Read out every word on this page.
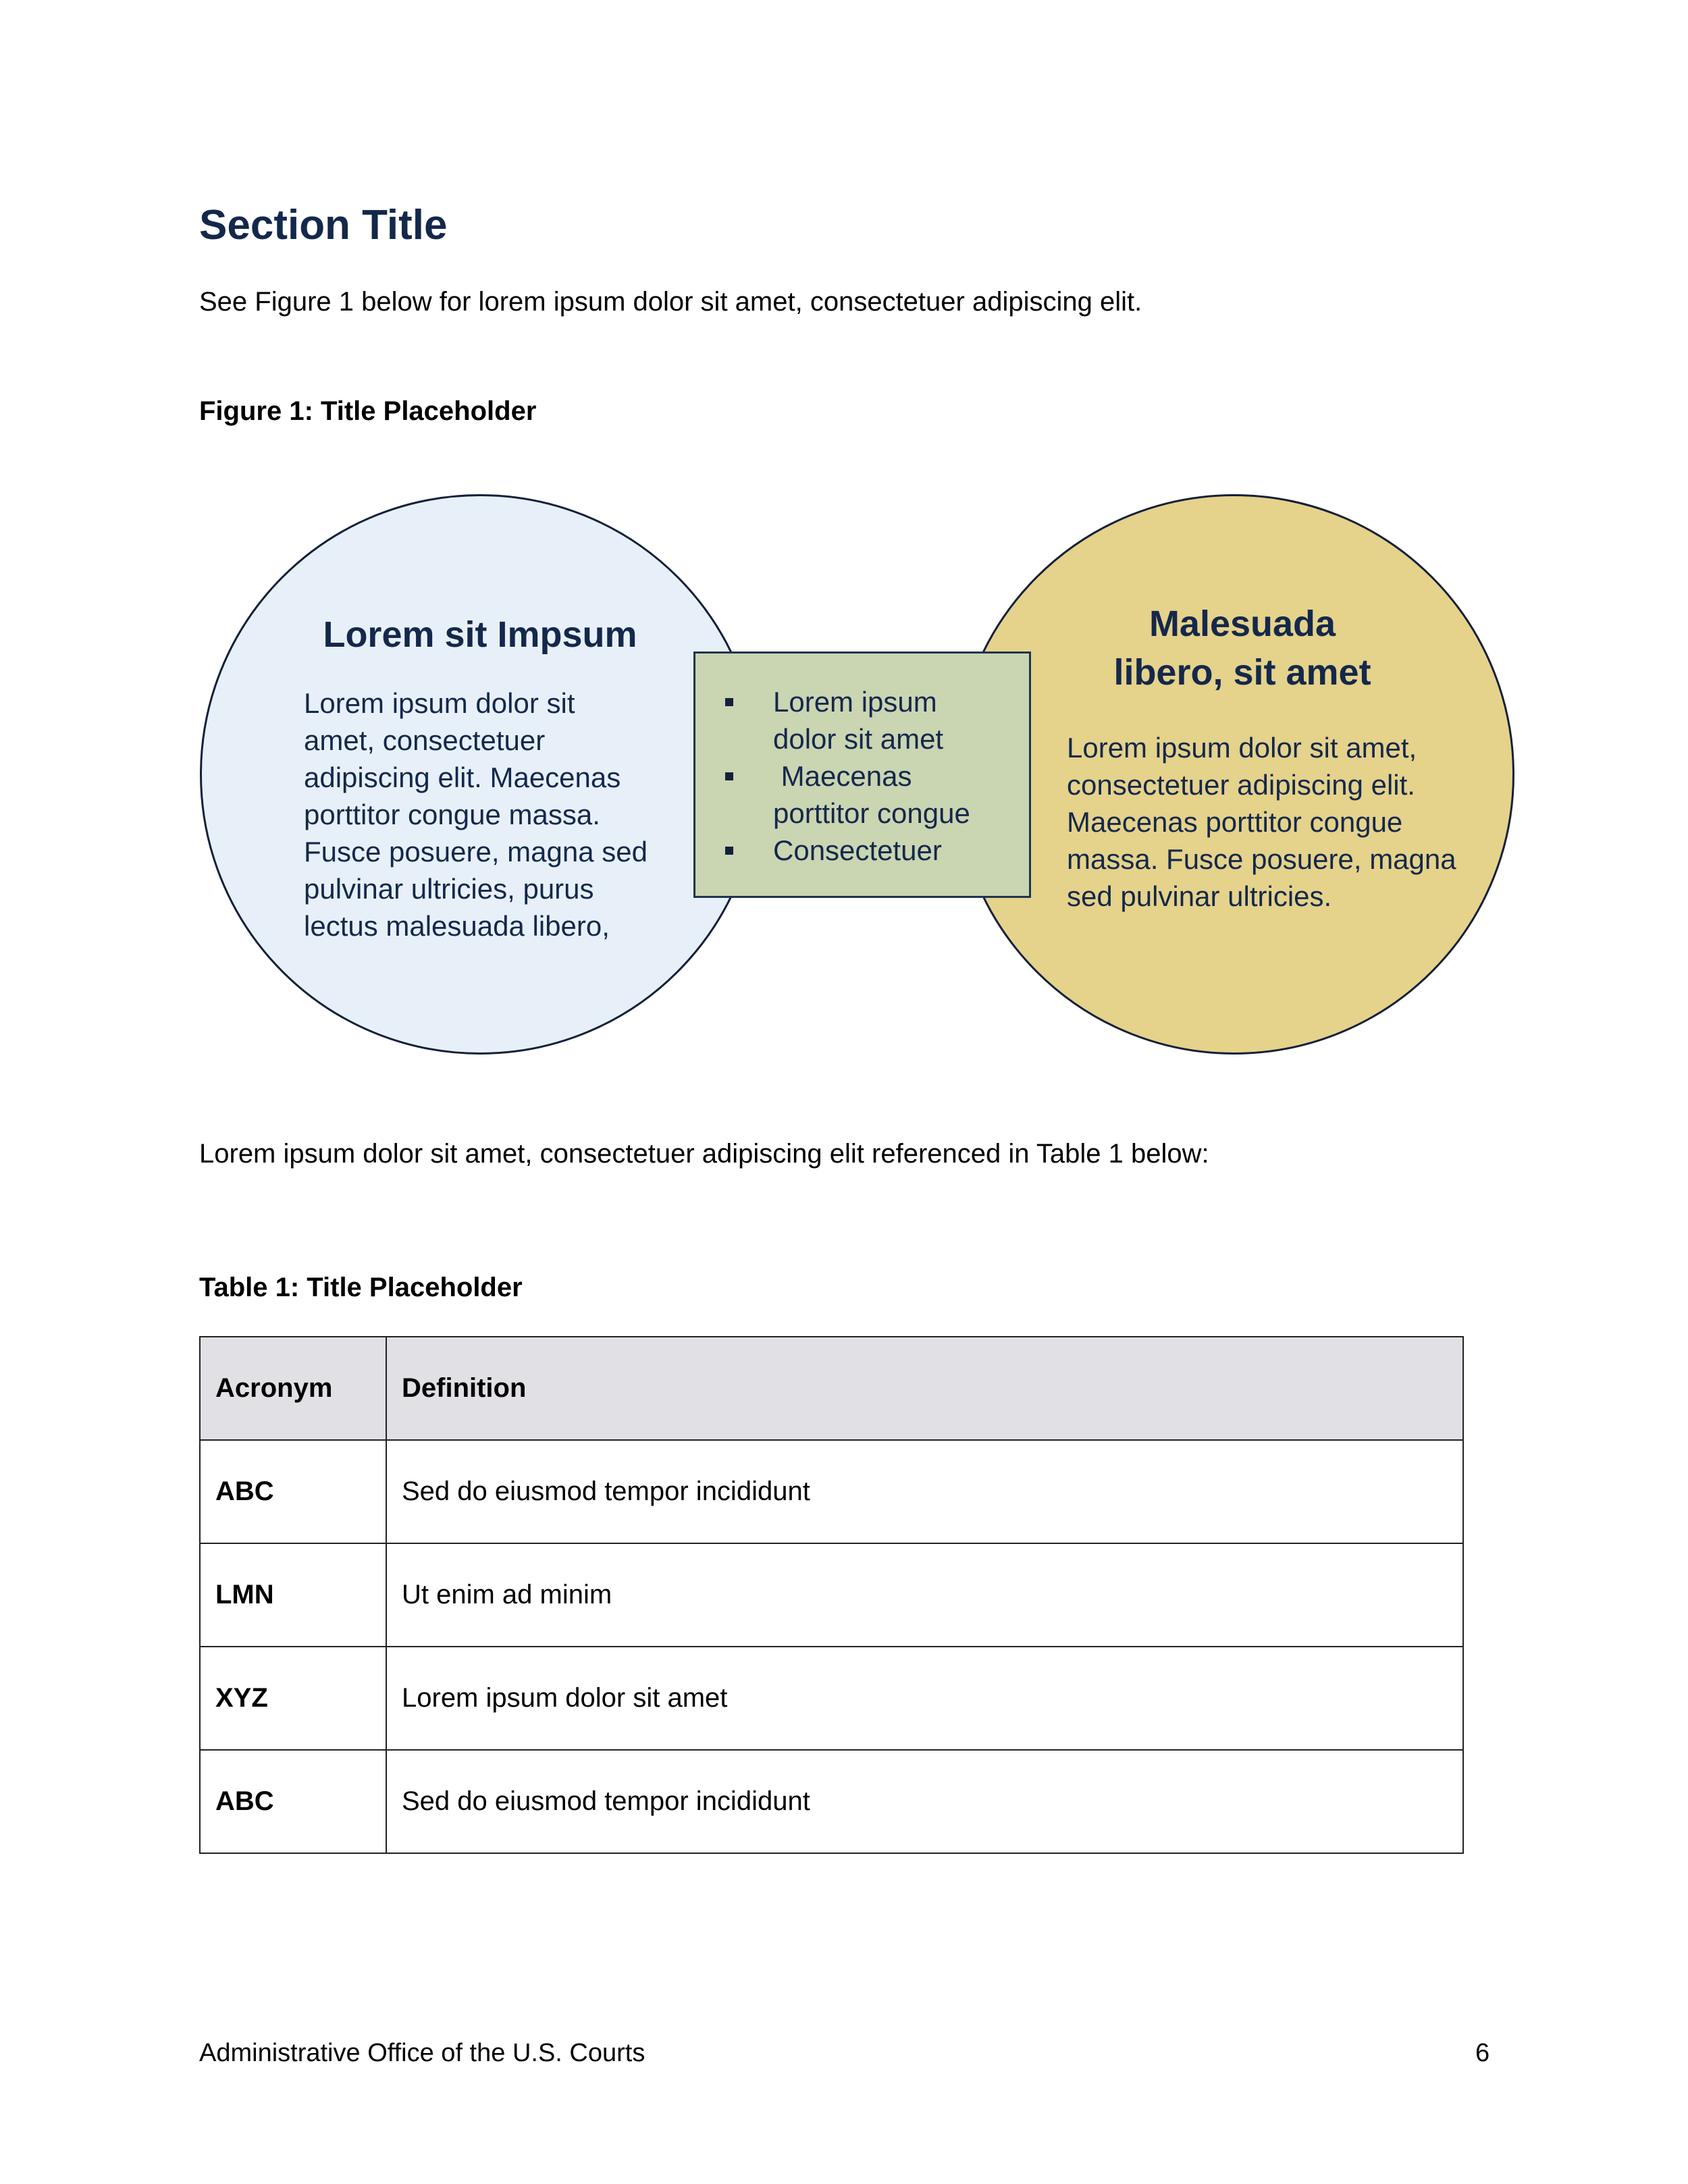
Section Title
See Figure 1 below for lorem ipsum dolor sit amet, consectetuer adipiscing elit.
Figure 1: Title Placeholder
Lorem sit Impsum
Lorem ipsum dolor sit
amet, consectetuer
adipiscing elit. Maecenas
porttitor congue massa.
Fusce posuere, magna sed
pulvinar ultricies, purus
lectus malesuada libero,
Lorem ipsum
dolor sit amet
Maecenas
porttitor congue
Consectetuer
Malesuada
libero, sit amet
Lorem ipsum dolor sit amet,
consectetuer adipiscing elit.
Maecenas porttitor congue
massa. Fusce posuere, magna
sed pulvinar ultricies.
Lorem ipsum dolor sit amet, consectetuer adipiscing elit referenced in Table 1 below:
Table 1: Title Placeholder
Acronym	Definition
ABC	Sed do eiusmod tempor incididunt
LMN	Ut enim ad minim
XYZ	Lorem ipsum dolor sit amet
ABC	Sed do eiusmod tempor incididunt
Administrative Office of the U.S. Courts	6
